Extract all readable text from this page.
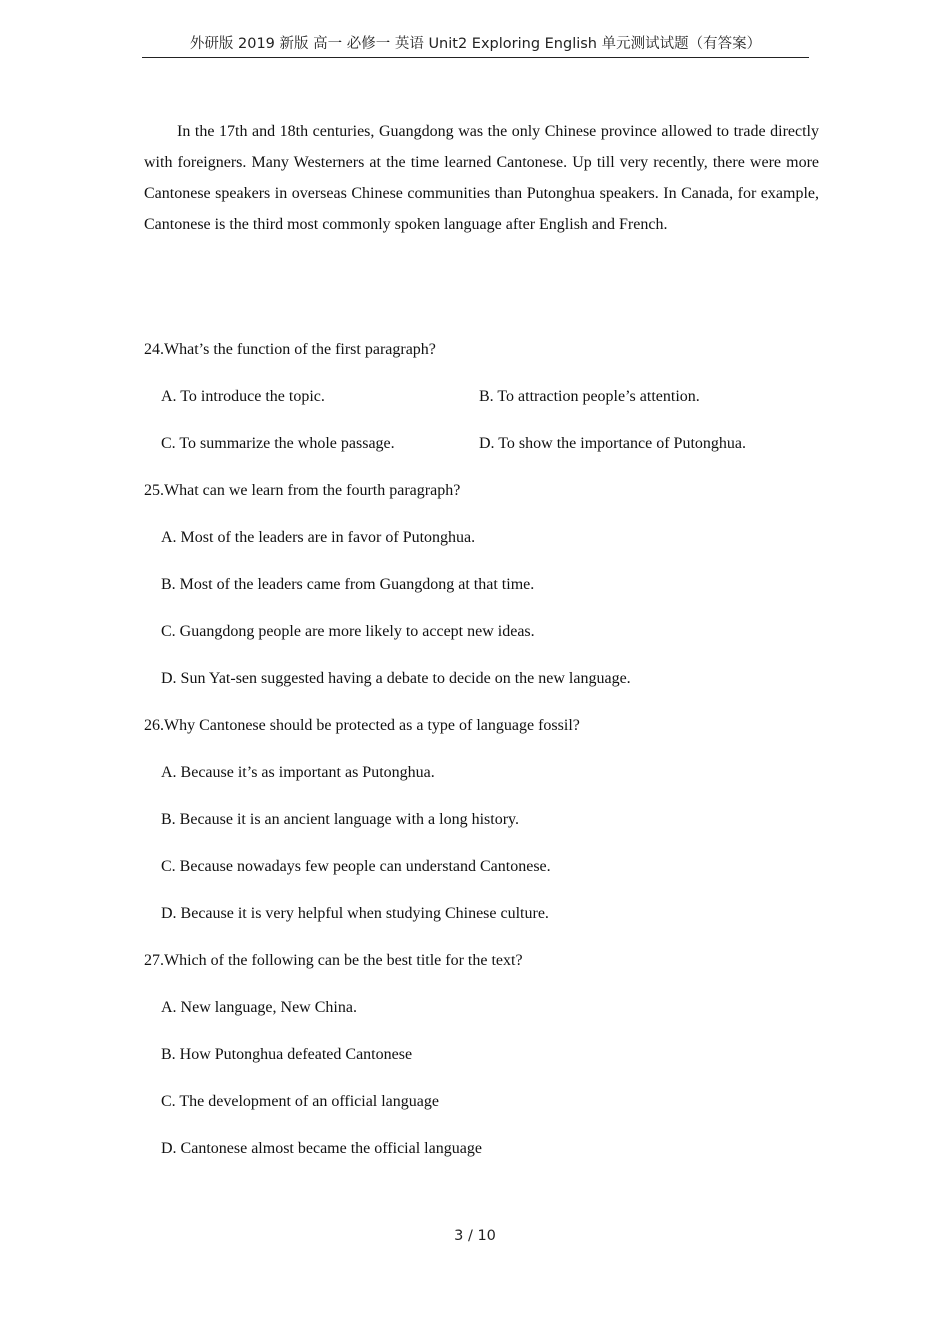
外研版 2019 新版 高一 必修一 英语 Unit2 Exploring English 单元测试试题（有答案）

In the 17th and 18th centuries, Guangdong was the only Chinese province allowed to trade directly with foreigners. Many Westerners at the time learned Cantonese. Up till very recently, there were more Cantonese speakers in overseas Chinese communities than Putonghua speakers. In Canada, for example, Cantonese is the third most commonly spoken language after English and French.

24.What’s the function of the first paragraph?
A. To introduce the topic.	B. To attraction people’s attention.
C. To summarize the whole passage.	D. To show the importance of Putonghua.
25.What can we learn from the fourth paragraph?
A. Most of the leaders are in favor of Putonghua.
B. Most of the leaders came from Guangdong at that time.
C. Guangdong people are more likely to accept new ideas.
D. Sun Yat-sen suggested having a debate to decide on the new language.
26.Why Cantonese should be protected as a type of language fossil?
A. Because it’s as important as Putonghua.
B. Because it is an ancient language with a long history.
C. Because nowadays few people can understand Cantonese.
D. Because it is very helpful when studying Chinese culture.
27.Which of the following can be the best title for the text?
A. New language, New China.
B. How Putonghua defeated Cantonese
C. The development of an official language
D. Cantonese almost became the official language
3 / 10
